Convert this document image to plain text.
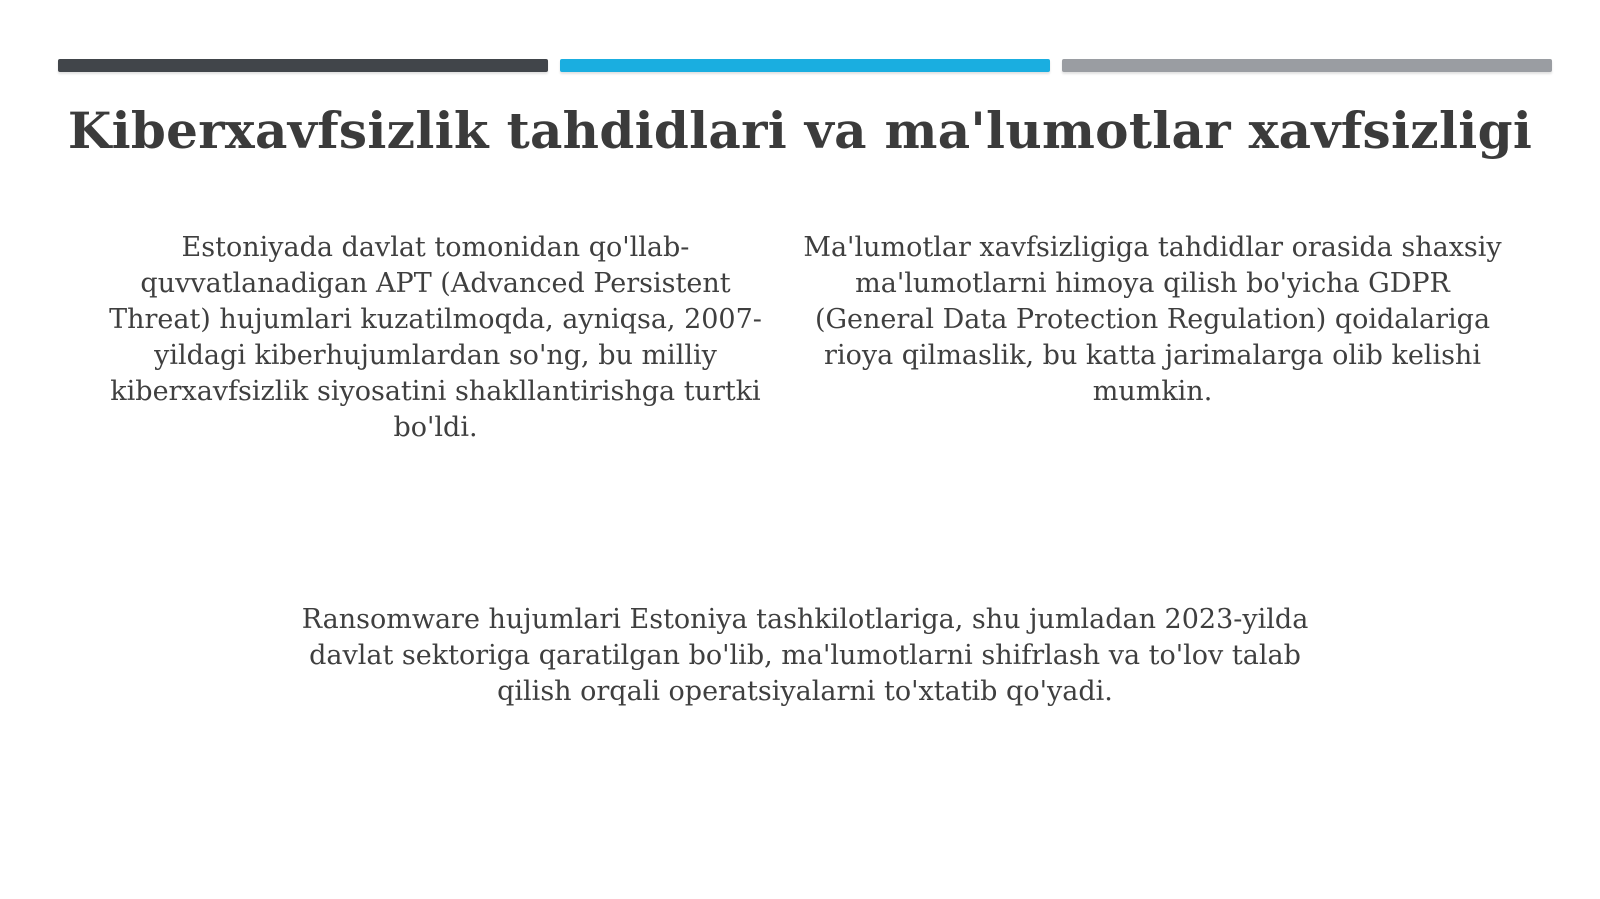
Kiberxavfsizlik tahdidlari va ma'lumotlar xavfsizligi

Estoniyada davlat tomonidan qo'llab-quvvatlanadigan APT (Advanced Persistent Threat) hujumlari kuzatilmoqda, ayniqsa, 2007-yildagi kiberhujumlardan so'ng, bu milliy kiberxavfsizlik siyosatini shakllantirishga turtki bo'ldi.

Ma'lumotlar xavfsizligiga tahdidlar orasida shaxsiy ma'lumotlarni himoya qilish bo'yicha GDPR (General Data Protection Regulation) qoidalariga rioya qilmaslik, bu katta jarimalarga olib kelishi mumkin.

Ransomware hujumlari Estoniya tashkilotlariga, shu jumladan 2023-yilda davlat sektoriga qaratilgan bo'lib, ma'lumotlarni shifrlash va to'lov talab qilish orqali operatsiyalarni to'xtatib qo'yadi.
